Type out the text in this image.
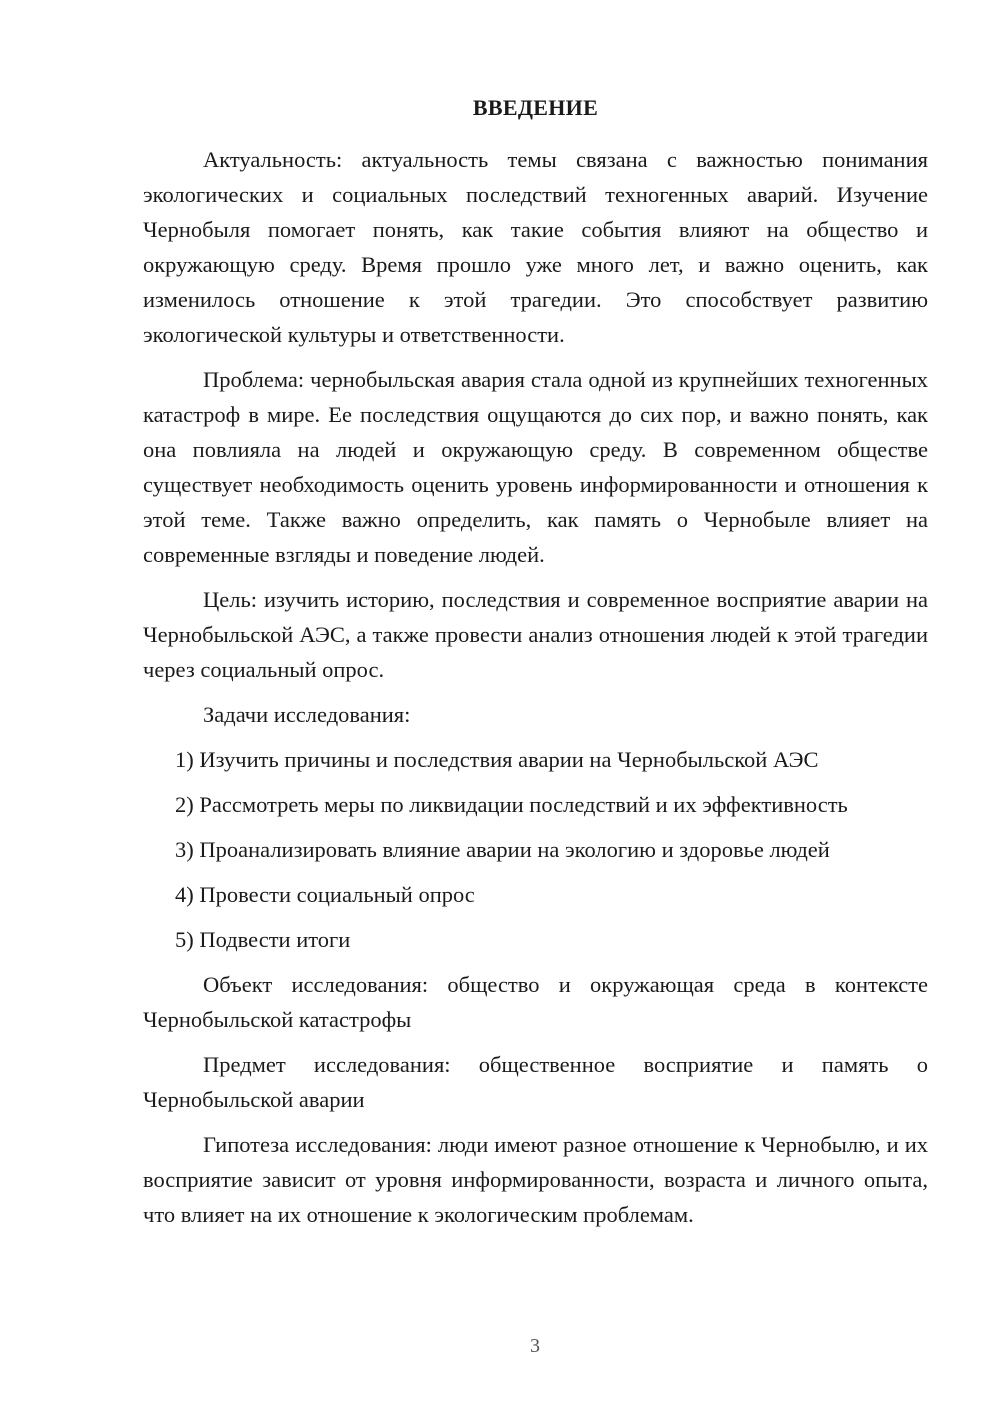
ВВЕДЕНИЕ

Актуальность: актуальность темы связана с важностью понимания экологических и социальных последствий техногенных аварий. Изучение Чернобыля помогает понять, как такие события влияют на общество и окружающую среду. Время прошло уже много лет, и важно оценить, как изменилось отношение к этой трагедии. Это способствует развитию экологической культуры и ответственности.

Проблема: чернобыльская авария стала одной из крупнейших техногенных катастроф в мире. Ее последствия ощущаются до сих пор, и важно понять, как она повлияла на людей и окружающую среду. В современном обществе существует необходимость оценить уровень информированности и отношения к этой теме. Также важно определить, как память о Чернобыле влияет на современные взгляды и поведение людей.

Цель: изучить историю, последствия и современное восприятие аварии на Чернобыльской АЭС, а также провести анализ отношения людей к этой трагедии через социальный опрос.

Задачи исследования:

1) Изучить причины и последствия аварии на Чернобыльской АЭС
2) Рассмотреть меры по ликвидации последствий и их эффективность
3) Проанализировать влияние аварии на экологию и здоровье людей
4) Провести социальный опрос
5) Подвести итоги

Объект исследования: общество и окружающая среда в контексте Чернобыльской катастрофы

Предмет исследования: общественное восприятие и память о Чернобыльской аварии

Гипотеза исследования: люди имеют разное отношение к Чернобылю, и их восприятие зависит от уровня информированности, возраста и личного опыта, что влияет на их отношение к экологическим проблемам.

3
